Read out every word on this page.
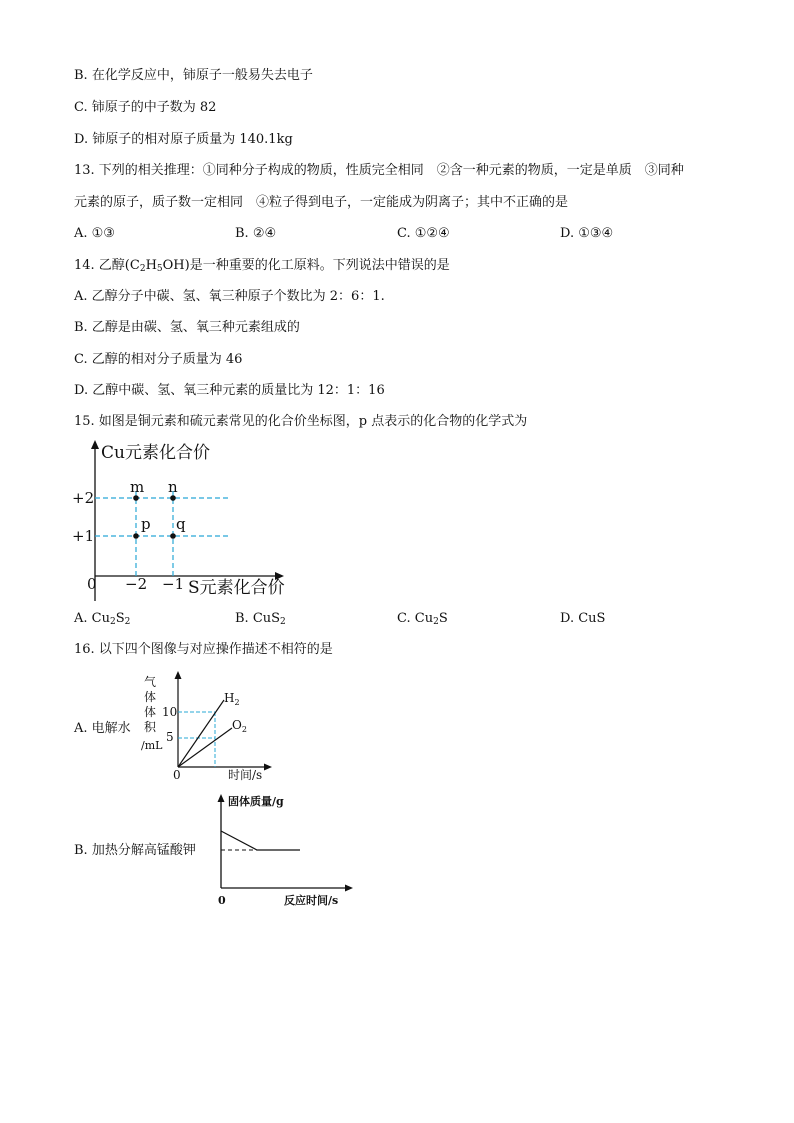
B. 在化学反应中，铈原子一般易失去电子
C. 铈原子的中子数为 82
D. 铈原子的相对原子质量为 140.1kg
13. 下列的相关推理：①同种分子构成的物质，性质完全相同　②含一种元素的物质，一定是单质　③同种
元素的原子，质子数一定相同　④粒子得到电子，一定能成为阴离子；其中不正确的是
A. ①③	B. ②④	C. ①②④	D. ①③④
14. 乙醇$(C_2H_5OH)$是一种重要的化工原料。下列说法中错误的是
A. 乙醇分子中碳、氢、氧三种原子个数比为 2：6：1.
B. 乙醇是由碳、氢、氧三种元素组成的
C. 乙醇的相对分子质量为 46
D. 乙醇中碳、氢、氧三种元素的质量比为 12：1：16
15. 如图是铜元素和硫元素常见的化合价坐标图，p 点表示的化合物的化学式为
Cu元素化合价
S元素化合价
0
+2
+1
−2 −1
m n
p q
A. $Cu_2S_2$	B. CuS$_2$	C. $Cu_2S$	D. CuS
16. 以下四个图像与对应操作描述不相符的是
A. 电解水
$H_2$
$O_2$
气
体
体
积
/mL
10
5
0	时间/s
B. 加热分解高锰酸钾
固体质量/g
0	反应时间/s
